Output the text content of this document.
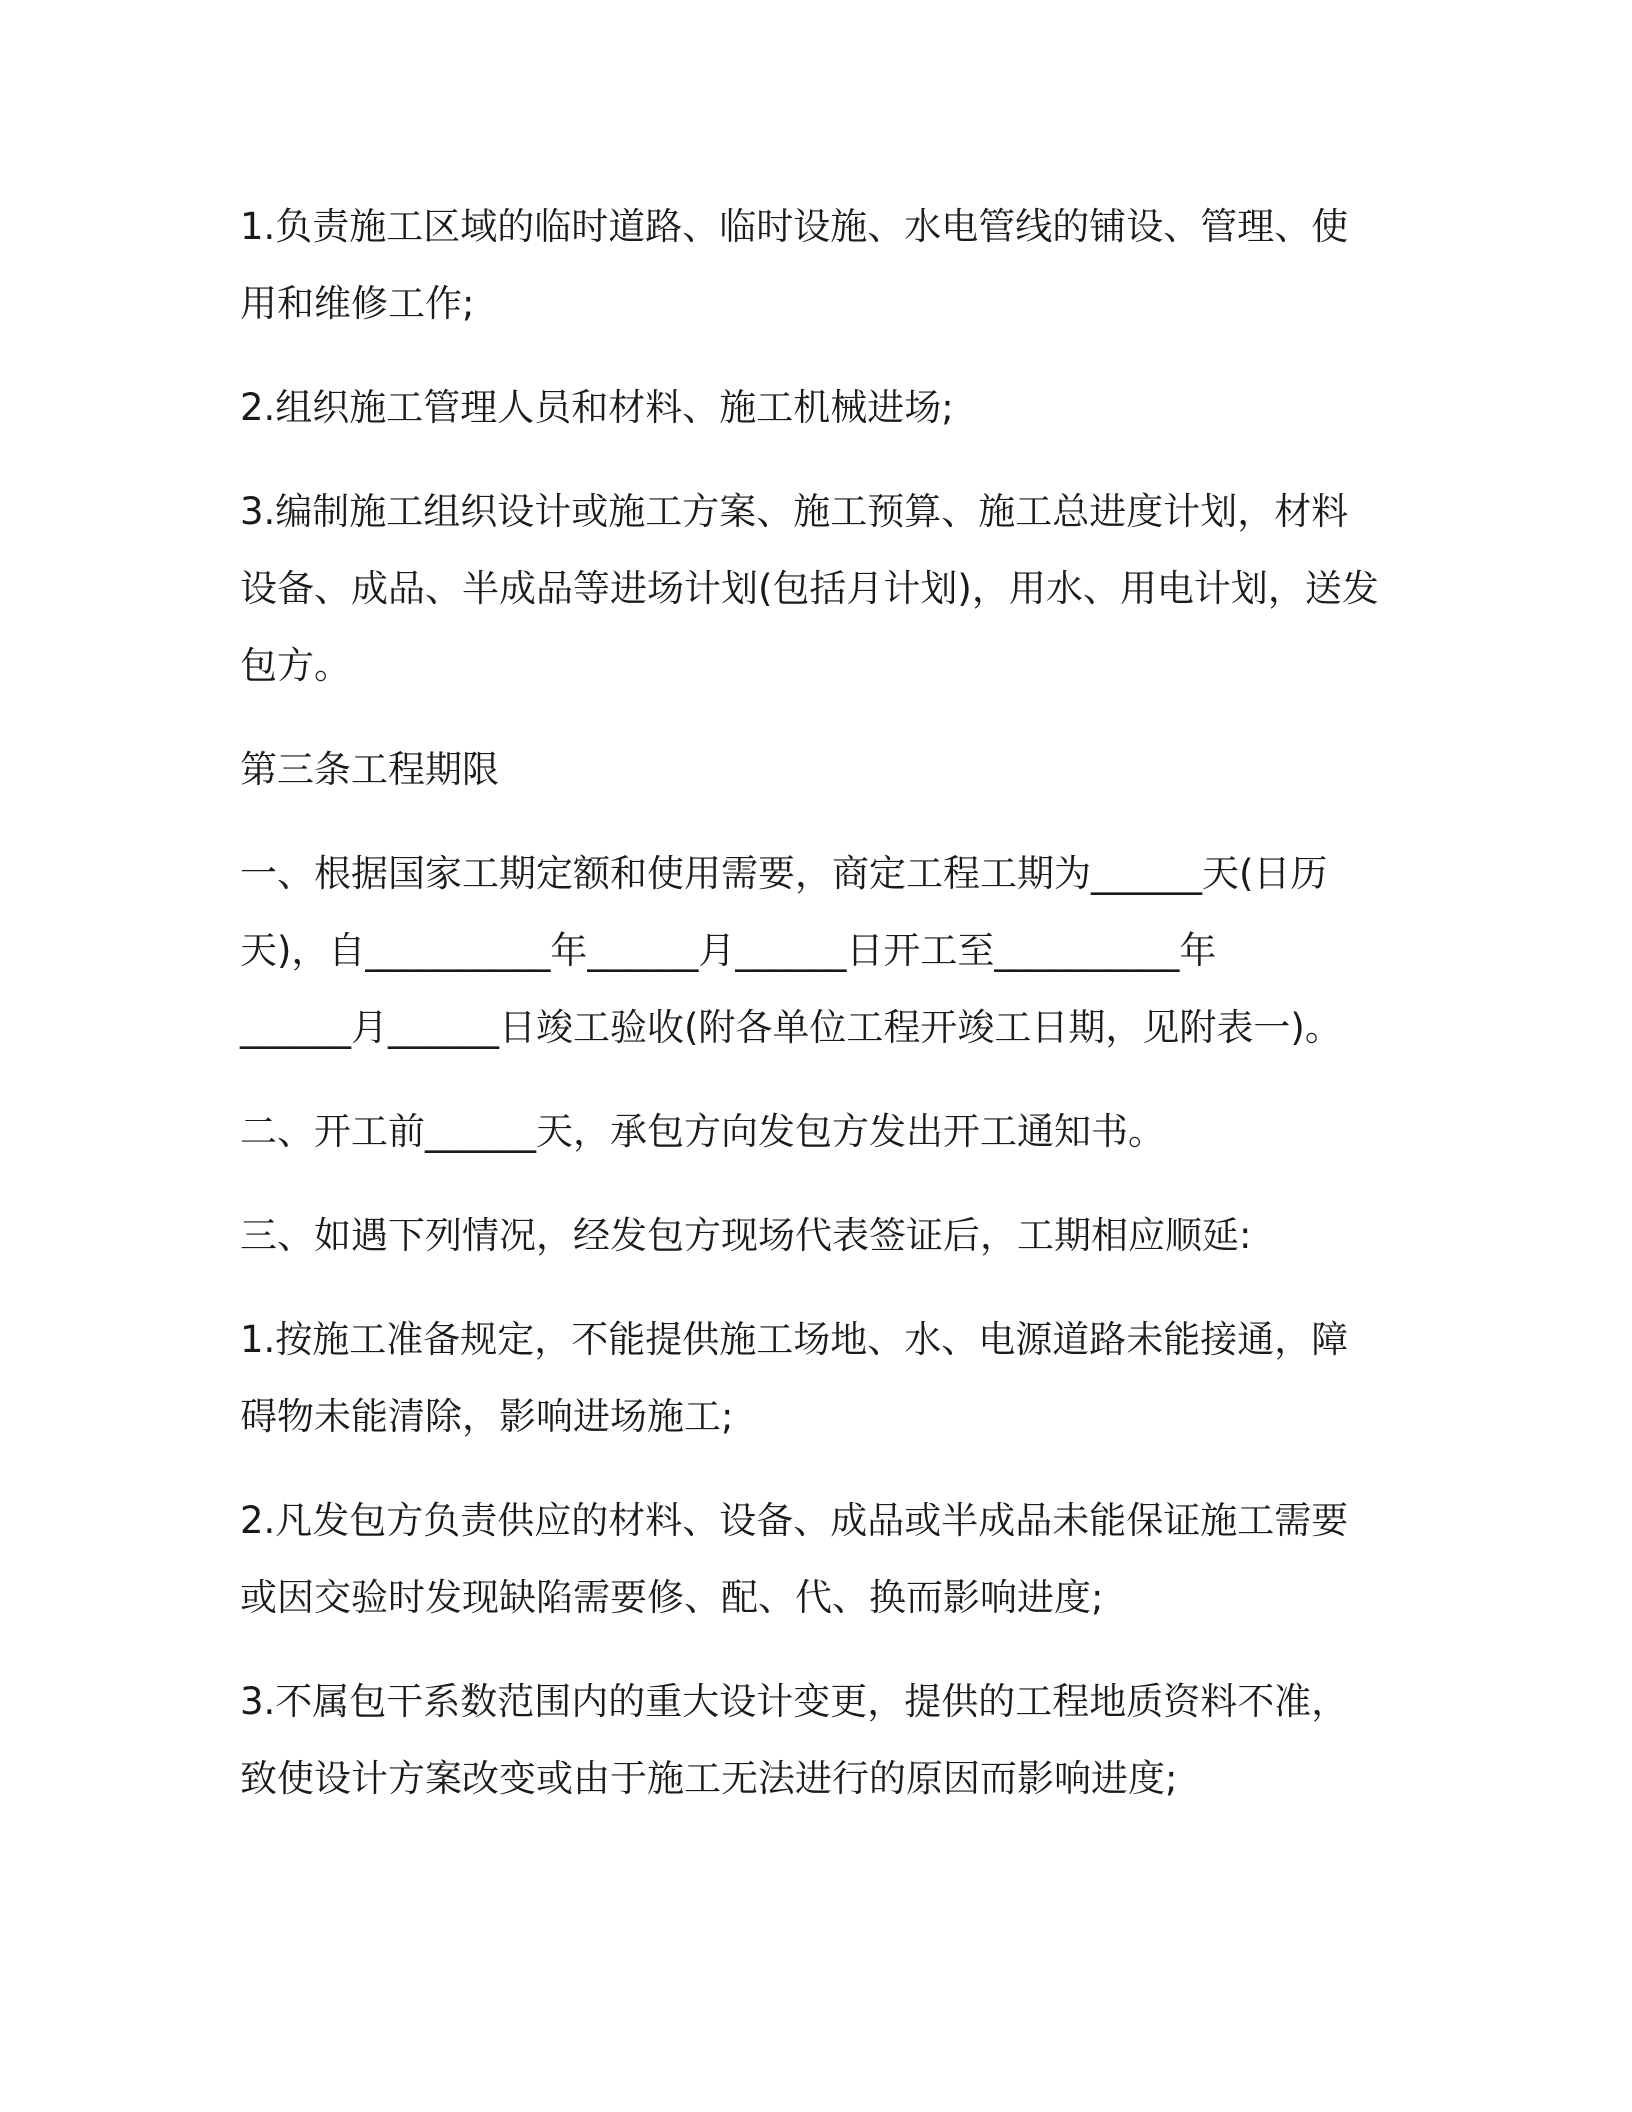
1.负责施工区域的临时道路、临时设施、水电管线的铺设、管理、使
用和维修工作;

2.组织施工管理人员和材料、施工机械进场;

3.编制施工组织设计或施工方案、施工预算、施工总进度计划，材料
设备、成品、半成品等进场计划(包括月计划)，用水、用电计划，送发
包方。

第三条工程期限

一、根据国家工期定额和使用需要，商定工程工期为______天(日历
天)，自__________年______月______日开工至__________年
______月______日竣工验收(附各单位工程开竣工日期，见附表一)。

二、开工前______天，承包方向发包方发出开工通知书。

三、如遇下列情况，经发包方现场代表签证后，工期相应顺延:

1.按施工准备规定，不能提供施工场地、水、电源道路未能接通，障
碍物未能清除，影响进场施工;

2.凡发包方负责供应的材料、设备、成品或半成品未能保证施工需要
或因交验时发现缺陷需要修、配、代、换而影响进度;

3.不属包干系数范围内的重大设计变更，提供的工程地质资料不准，
致使设计方案改变或由于施工无法进行的原因而影响进度;
